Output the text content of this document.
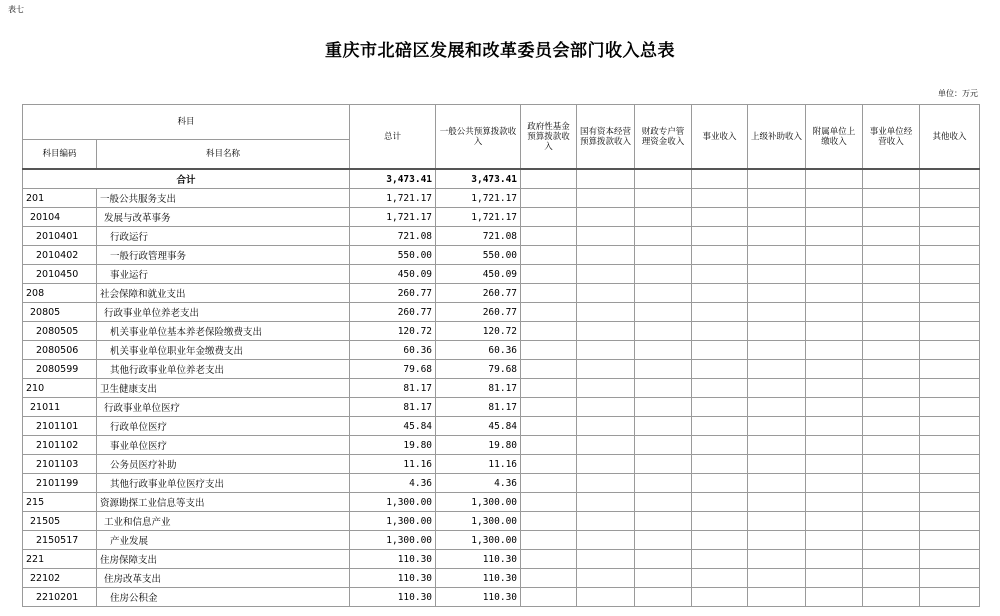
表七
重庆市北碚区发展和改革委员会部门收入总表
单位：万元
科目		总计	一般公共预算拨款收入	政府性基金预算拨款收入	国有资本经营预算拨款收入	财政专户管理资金收入	事业收入	上级补助收入	附属单位上缴收入	事业单位经营收入	其他收入
科目编码	科目名称										
合计		3,473.41	3,473.41								
201	一般公共服务支出	1,721.17	1,721.17								
20104	发展与改革事务	1,721.17	1,721.17								
2010401	行政运行	721.08	721.08								
2010402	一般行政管理事务	550.00	550.00								
2010450	事业运行	450.09	450.09								
208	社会保障和就业支出	260.77	260.77								
20805	行政事业单位养老支出	260.77	260.77								
2080505	机关事业单位基本养老保险缴费支出	120.72	120.72								
2080506	机关事业单位职业年金缴费支出	60.36	60.36								
2080599	其他行政事业单位养老支出	79.68	79.68								
210	卫生健康支出	81.17	81.17								
21011	行政事业单位医疗	81.17	81.17								
2101101	行政单位医疗	45.84	45.84								
2101102	事业单位医疗	19.80	19.80								
2101103	公务员医疗补助	11.16	11.16								
2101199	其他行政事业单位医疗支出	4.36	4.36								
215	资源勘探工业信息等支出	1,300.00	1,300.00								
21505	工业和信息产业	1,300.00	1,300.00								
2150517	产业发展	1,300.00	1,300.00								
221	住房保障支出	110.30	110.30								
22102	住房改革支出	110.30	110.30								
2210201	住房公积金	110.30	110.30								
